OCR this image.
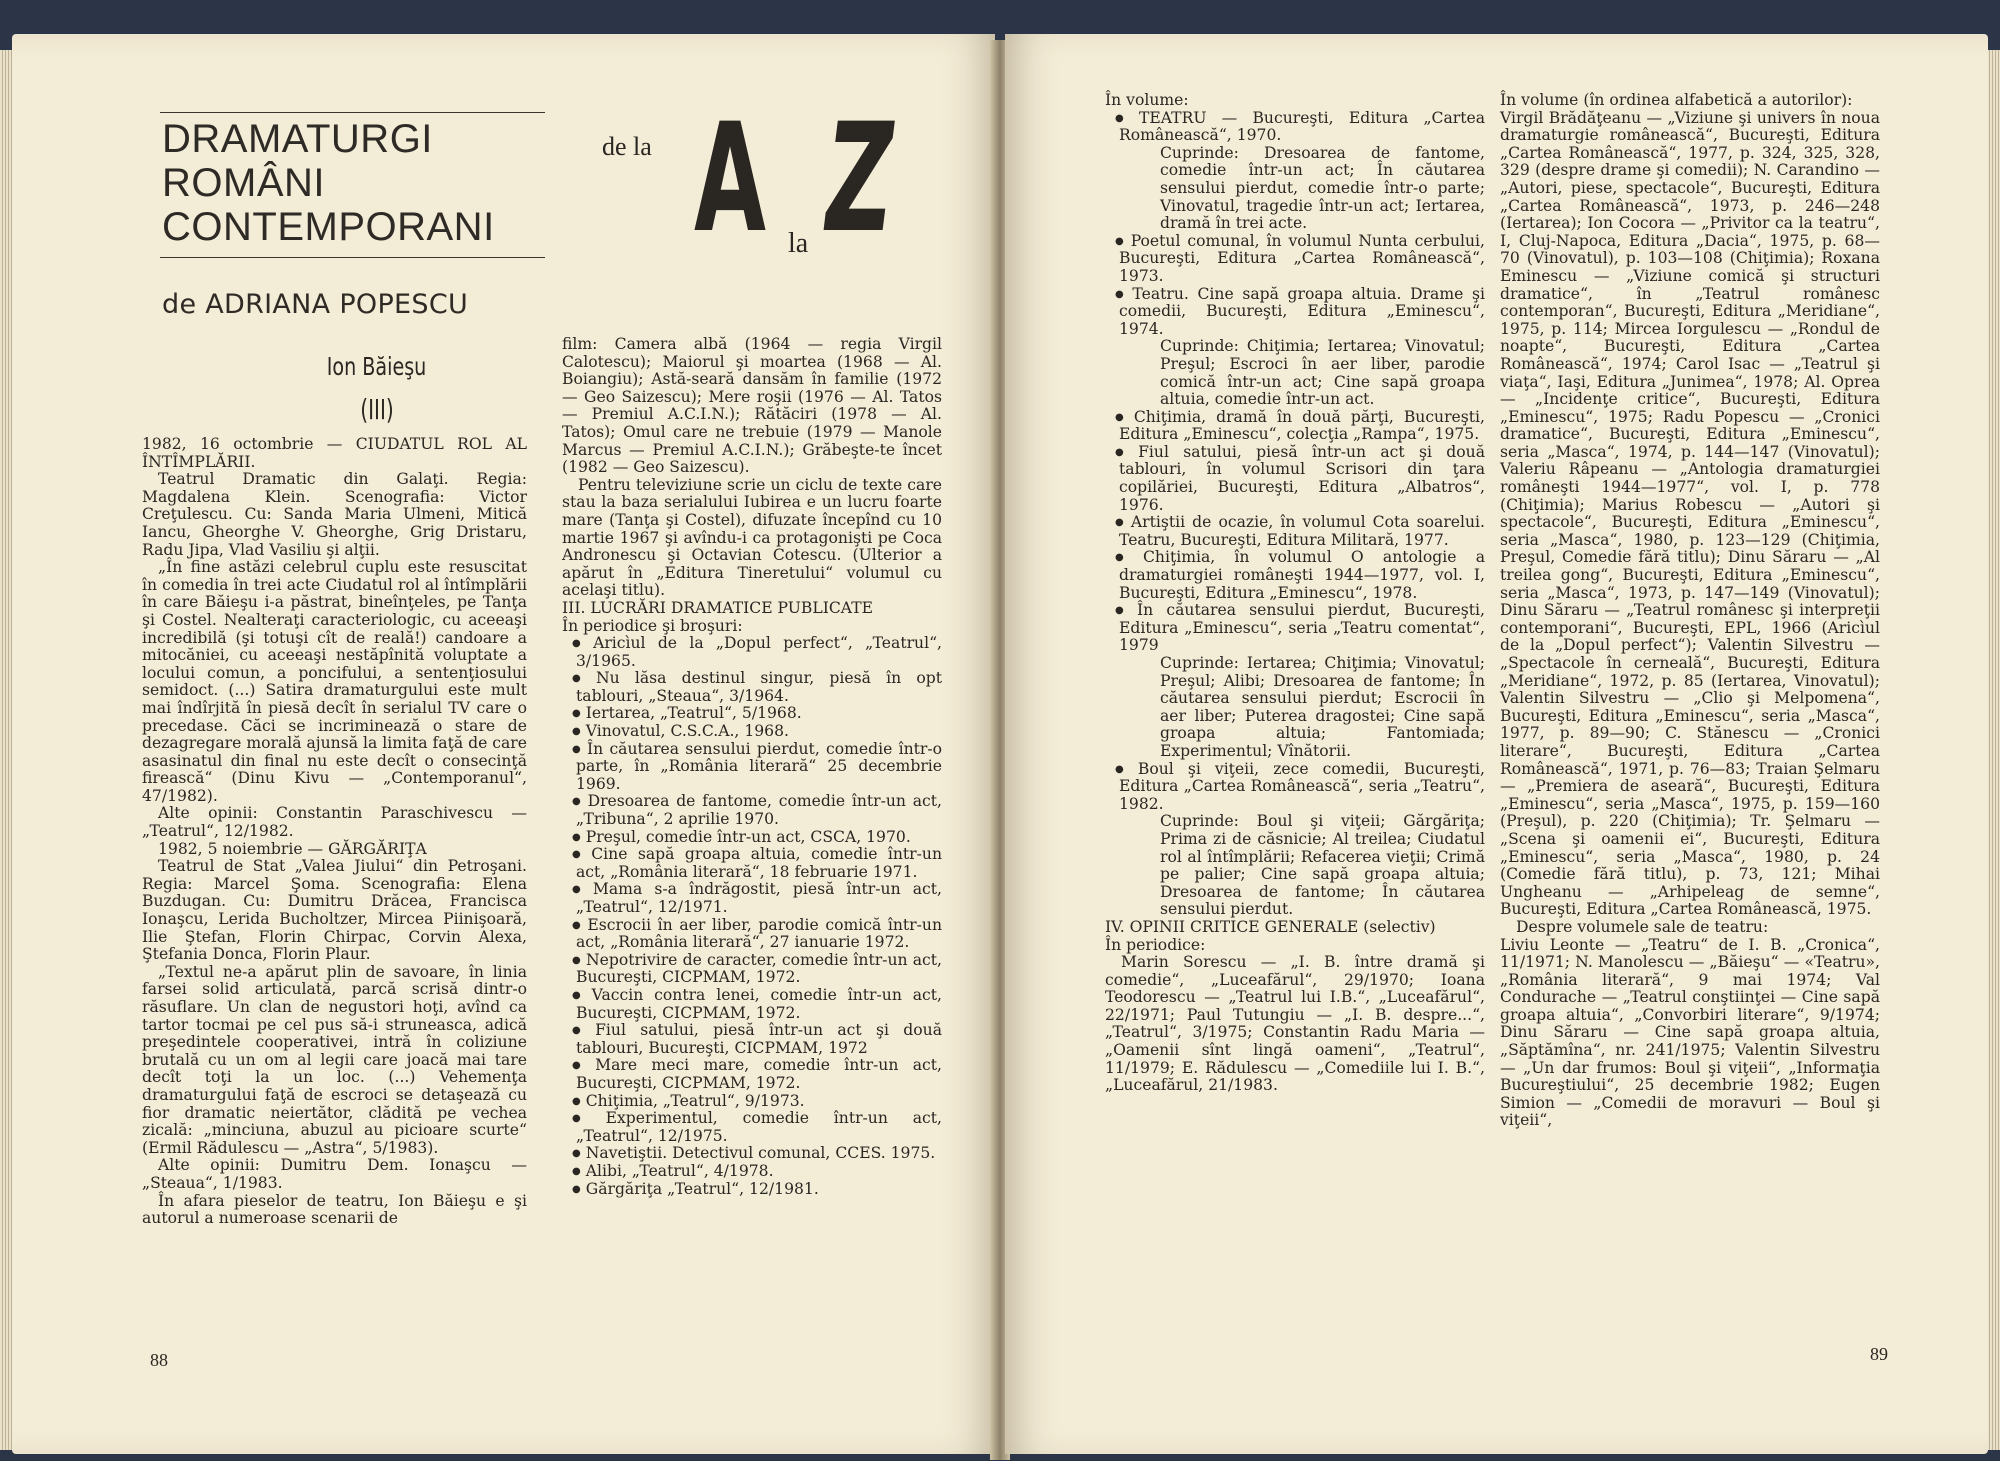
DRAMATURGI
ROMÂNI
CONTEMPORANI
de ADRIANA POPESCU
de la A la Z
Ion Băieşu
(III)

1982, 16 octombrie — CIUDATUL ROL AL ÎNTÎMPLĂRII.

Teatrul Dramatic din Galaţi. Regia: Magdalena Klein. Scenografia: Victor Creţulescu. Cu: Sanda Maria Ulmeni, Mitică Iancu, Gheorghe V. Gheorghe, Grig Dristaru, Radu Jipa, Vlad Vasiliu şi alţii.

„În fine astăzi celebrul cuplu este resuscitat în comedia în trei acte Ciudatul rol al întîmplării în care Băieşu i-a păstrat, bineînţeles, pe Tanţa şi Costel. Nealteraţi caracteriologic, cu aceeaşi incredibilă (şi totuşi cît de reală!) candoare a mitocăniei, cu aceeaşi nestăpînită voluptate a locului comun, a poncifului, a sentenţiosului semidoct. (...) Satira dramaturgului este mult mai îndîrjită în piesă decît în serialul TV care o precedase. Căci se incriminează o stare de dezagregare morală ajunsă la limita faţă de care asasinatul din final nu este decît o consecinţă firească“ (Dinu Kivu — „Contemporanul“, 47/1982).

Alte opinii: Constantin Paraschivescu — „Teatrul“, 12/1982.

1982, 5 noiembrie — GĂRGĂRIŢA

Teatrul de Stat „Valea Jiului“ din Petroşani. Regia: Marcel Şoma. Scenografia: Elena Buzdugan. Cu: Dumitru Drăcea, Francisca Ionaşcu, Lerida Bucholtzer, Mircea Piinişoară, Ilie Ştefan, Florin Chirpac, Corvin Alexa, Ştefania Donca, Florin Plaur.

„Textul ne-a apărut plin de savoare, în linia farsei solid articulată, parcă scrisă dintr-o răsuflare. Un clan de negustori hoţi, avînd ca tartor tocmai pe cel pus să-i struneasca, adică preşedintele cooperativei, intră în coliziune brutală cu un om al legii care joacă mai tare decît toţi la un loc. (...) Vehemenţa dramaturgului faţă de escroci se detaşează cu fior dramatic neiertător, clădită pe vechea zicală: „minciuna, abuzul au picioare scurte“ (Ermil Rădulescu — „Astra“, 5/1983).

Alte opinii: Dumitru Dem. Ionaşcu — „Steaua“, 1/1983.

În afara pieselor de teatru, Ion Băieşu e şi autorul a numeroase scenarii de

film: Camera albă (1964 — regia Virgil Calotescu); Maiorul şi moartea (1968 — Al. Boiangiu); Astă-seară dansăm în familie (1972 — Geo Saizescu); Mere roşii (1976 — Al. Tatos — Premiul A.C.I.N.); Rătăciri (1978 — Al. Tatos); Omul care ne trebuie (1979 — Manole Marcus — Premiul A.C.I.N.); Grăbeşte-te încet (1982 — Geo Saizescu).

Pentru televiziune scrie un ciclu de texte care stau la baza serialului Iubirea e un lucru foarte mare (Tanţa şi Costel), difuzate începînd cu 10 martie 1967 şi avîndu-i ca protagonişti pe Coca Andronescu şi Octavian Cotescu. (Ulterior a apărut în „Editura Tineretului“ volumul cu acelaşi titlu).

III. LUCRĂRI DRAMATICE PUBLICATE

În periodice şi broşuri:

● Aricìul de la „Dopul perfect“, „Teatrul“, 3/1965.

● Nu lăsa destinul singur, piesă în opt tablouri, „Steaua“, 3/1964.

● Iertarea, „Teatrul“, 5/1968.

● Vinovatul, C.S.C.A., 1968.

● În căutarea sensului pierdut, comedie într-o parte, în „România literară“ 25 decembrie 1969.

● Dresoarea de fantome, comedie într-un act, „Tribuna“, 2 aprilie 1970.

● Preşul, comedie într-un act, CSCA, 1970.

● Cine sapă groapa altuia, comedie într-un act, „România literară“, 18 februarie 1971.

● Mama s-a îndrăgostit, piesă într-un act, „Teatrul“, 12/1971.

● Escrocii în aer liber, parodie comică într-un act, „România literară“, 27 ianuarie 1972.

● Nepotrivire de caracter, comedie într-un act, Bucureşti, CICPMAM, 1972.

● Vaccin contra lenei, comedie într-un act, Bucureşti, CICPMAM, 1972.

● Fiul satului, piesă într-un act şi două tablouri, Bucureşti, CICPMAM, 1972

● Mare meci mare, comedie într-un act, Bucureşti, CICPMAM, 1972.

● Chiţimia, „Teatrul“, 9/1973.

● Experimentul, comedie într-un act, „Teatrul“, 12/1975.

● Navetiştii. Detectivul comunal, CCES. 1975.

● Alibi, „Teatrul“, 4/1978.

● Gărgăriţa „Teatrul“, 12/1981.

88

În volume:

● TEATRU — Bucureşti, Editura „Cartea Românească“, 1970.

Cuprinde: Dresoarea de fantome, comedie într-un act; În căutarea sensului pierdut, comedie într-o parte; Vinovatul, tragedie într-un act; Iertarea, dramă în trei acte.

● Poetul comunal, în volumul Nunta cerbului, Bucureşti, Editura „Cartea Românească“, 1973.

● Teatru. Cine sapă groapa altuia. Drame şi comedii, Bucureşti, Editura „Eminescu“, 1974.

Cuprinde: Chiţimia; Iertarea; Vinovatul; Preşul; Escroci în aer liber, parodie comică într-un act; Cine sapă groapa altuia, comedie într-un act.

● Chiţimia, dramă în două părţi, Bucureşti, Editura „Eminescu“, colecţia „Rampa“, 1975.

● Fiul satului, piesă într-un act şi două tablouri, în volumul Scrisori din ţara copilăriei, Bucureşti, Editura „Albatros“, 1976.

● Artiştii de ocazie, în volumul Cota soarelui. Teatru, Bucureşti, Editura Militară, 1977.

● Chiţimia, în volumul O antologie a dramaturgiei româneşti 1944—1977, vol. I, Bucureşti, Editura „Eminescu“, 1978.

● În căutarea sensului pierdut, Bucureşti, Editura „Eminescu“, seria „Teatru comentat“, 1979

Cuprinde: Iertarea; Chiţimia; Vinovatul; Preşul; Alibi; Dresoarea de fantome; În căutarea sensului pierdut; Escrocii în aer liber; Puterea dragostei; Cine sapă groapa altuia; Fantomiada; Experimentul; Vînătorii.

● Boul şi viţeii, zece comedii, Bucureşti, Editura „Cartea Românească“, seria „Teatru“, 1982.

Cuprinde: Boul şi viţeii; Gărgăriţa; Prima zi de căsnicie; Al treilea; Ciudatul rol al întîmplării; Refacerea vieţii; Crimă pe palier; Cine sapă groapa altuia; Dresoarea de fantome; În căutarea sensului pierdut.

IV. OPINII CRITICE GENERALE (selectiv)

În periodice:

Marin Sorescu — „I. B. între dramă şi comedie“, „Luceafărul“, 29/1970; Ioana Teodorescu — „Teatrul lui I.B.“, „Luceafărul“, 22/1971; Paul Tutungiu — „I. B. despre...“, „Teatrul“, 3/1975; Constantin Radu Maria — „Oamenii sînt lingă oameni“, „Teatrul“, 11/1979; E. Rădulescu — „Comediile lui I. B.“, „Luceafărul, 21/1983.

În volume (în ordinea alfabetică a autorilor):

Virgil Brădăţeanu — „Viziune şi univers în noua dramaturgie românească“, Bucureşti, Editura „Cartea Românească“, 1977, p. 324, 325, 328, 329 (despre drame şi comedii); N. Carandino — „Autori, piese, spectacole“, Bucureşti, Editura „Cartea Românească“, 1973, p. 246—248 (Iertarea); Ion Cocora — „Privitor ca la teatru“, I, Cluj-Napoca, Editura „Dacia“, 1975, p. 68—70 (Vinovatul), p. 103—108 (Chiţimia); Roxana Eminescu — „Viziune comică şi structuri dramatice“, în „Teatrul românesc contemporan“, Bucureşti, Editura „Meridiane“, 1975, p. 114; Mircea Iorgulescu — „Rondul de noapte“, Bucureşti, Editura „Cartea Românească“, 1974; Carol Isac — „Teatrul şi viaţa“, Iaşi, Editura „Junimea“, 1978; Al. Oprea — „Incidenţe critice“, Bucureşti, Editura „Eminescu“, 1975; Radu Popescu — „Cronici dramatice“, Bucureşti, Editura „Eminescu“, seria „Masca“, 1974, p. 144—147 (Vinovatul); Valeriu Râpeanu — „Antologia dramaturgiei româneşti 1944—1977“, vol. I, p. 778 (Chiţimia); Marius Robescu — „Autori şi spectacole“, Bucureşti, Editura „Eminescu“, seria „Masca“, 1980, p. 123—129 (Chiţimia, Preşul, Comedie fără titlu); Dinu Săraru — „Al treilea gong“, Bucureşti, Editura „Eminescu“, seria „Masca“, 1973, p. 147—149 (Vinovatul); Dinu Săraru — „Teatrul românesc şi interpreţii contemporani“, Bucureşti, EPL, 1966 (Aricìul de la „Dopul perfect“); Valentin Silvestru — „Spectacole în cerneală“, Bucureşti, Editura „Meridiane“, 1972, p. 85 (Iertarea, Vinovatul); Valentin Silvestru — „Clio şi Melpomena“, Bucureşti, Editura „Eminescu“, seria „Masca“, 1977, p. 89—90; C. Stănescu — „Cronici literare“, Bucureşti, Editura „Cartea Românească“, 1971, p. 76—83; Traian Şelmaru — „Premiera de aseară“, Bucureşti, Editura „Eminescu“, seria „Masca“, 1975, p. 159—160 (Preşul), p. 220 (Chiţimia); Tr. Şelmaru — „Scena şi oamenii ei“, Bucureşti, Editura „Eminescu“, seria „Masca“, 1980, p. 24 (Comedie fără titlu), p. 73, 121; Mihai Ungheanu — „Arhipeleag de semne“, Bucureşti, Editura „Cartea Românească, 1975.

Despre volumele sale de teatru:

Liviu Leonte — „Teatru“ de I. B. „Cronica“, 11/1971; N. Manolescu — „Băieşu“ — «Teatru», „România literară“, 9 mai 1974; Val Condurache — „Teatrul conştiinţei — Cine sapă groapa altuia“, „Convorbiri literare“, 9/1974; Dinu Săraru — Cine sapă groapa altuia, „Săptămîna“, nr. 241/1975; Valentin Silvestru — „Un dar frumos: Boul şi viţeii“, „Informaţia Bucureştiului“, 25 decembrie 1982; Eugen Simion — „Comedii de moravuri — Boul şi viţeii“,

89
